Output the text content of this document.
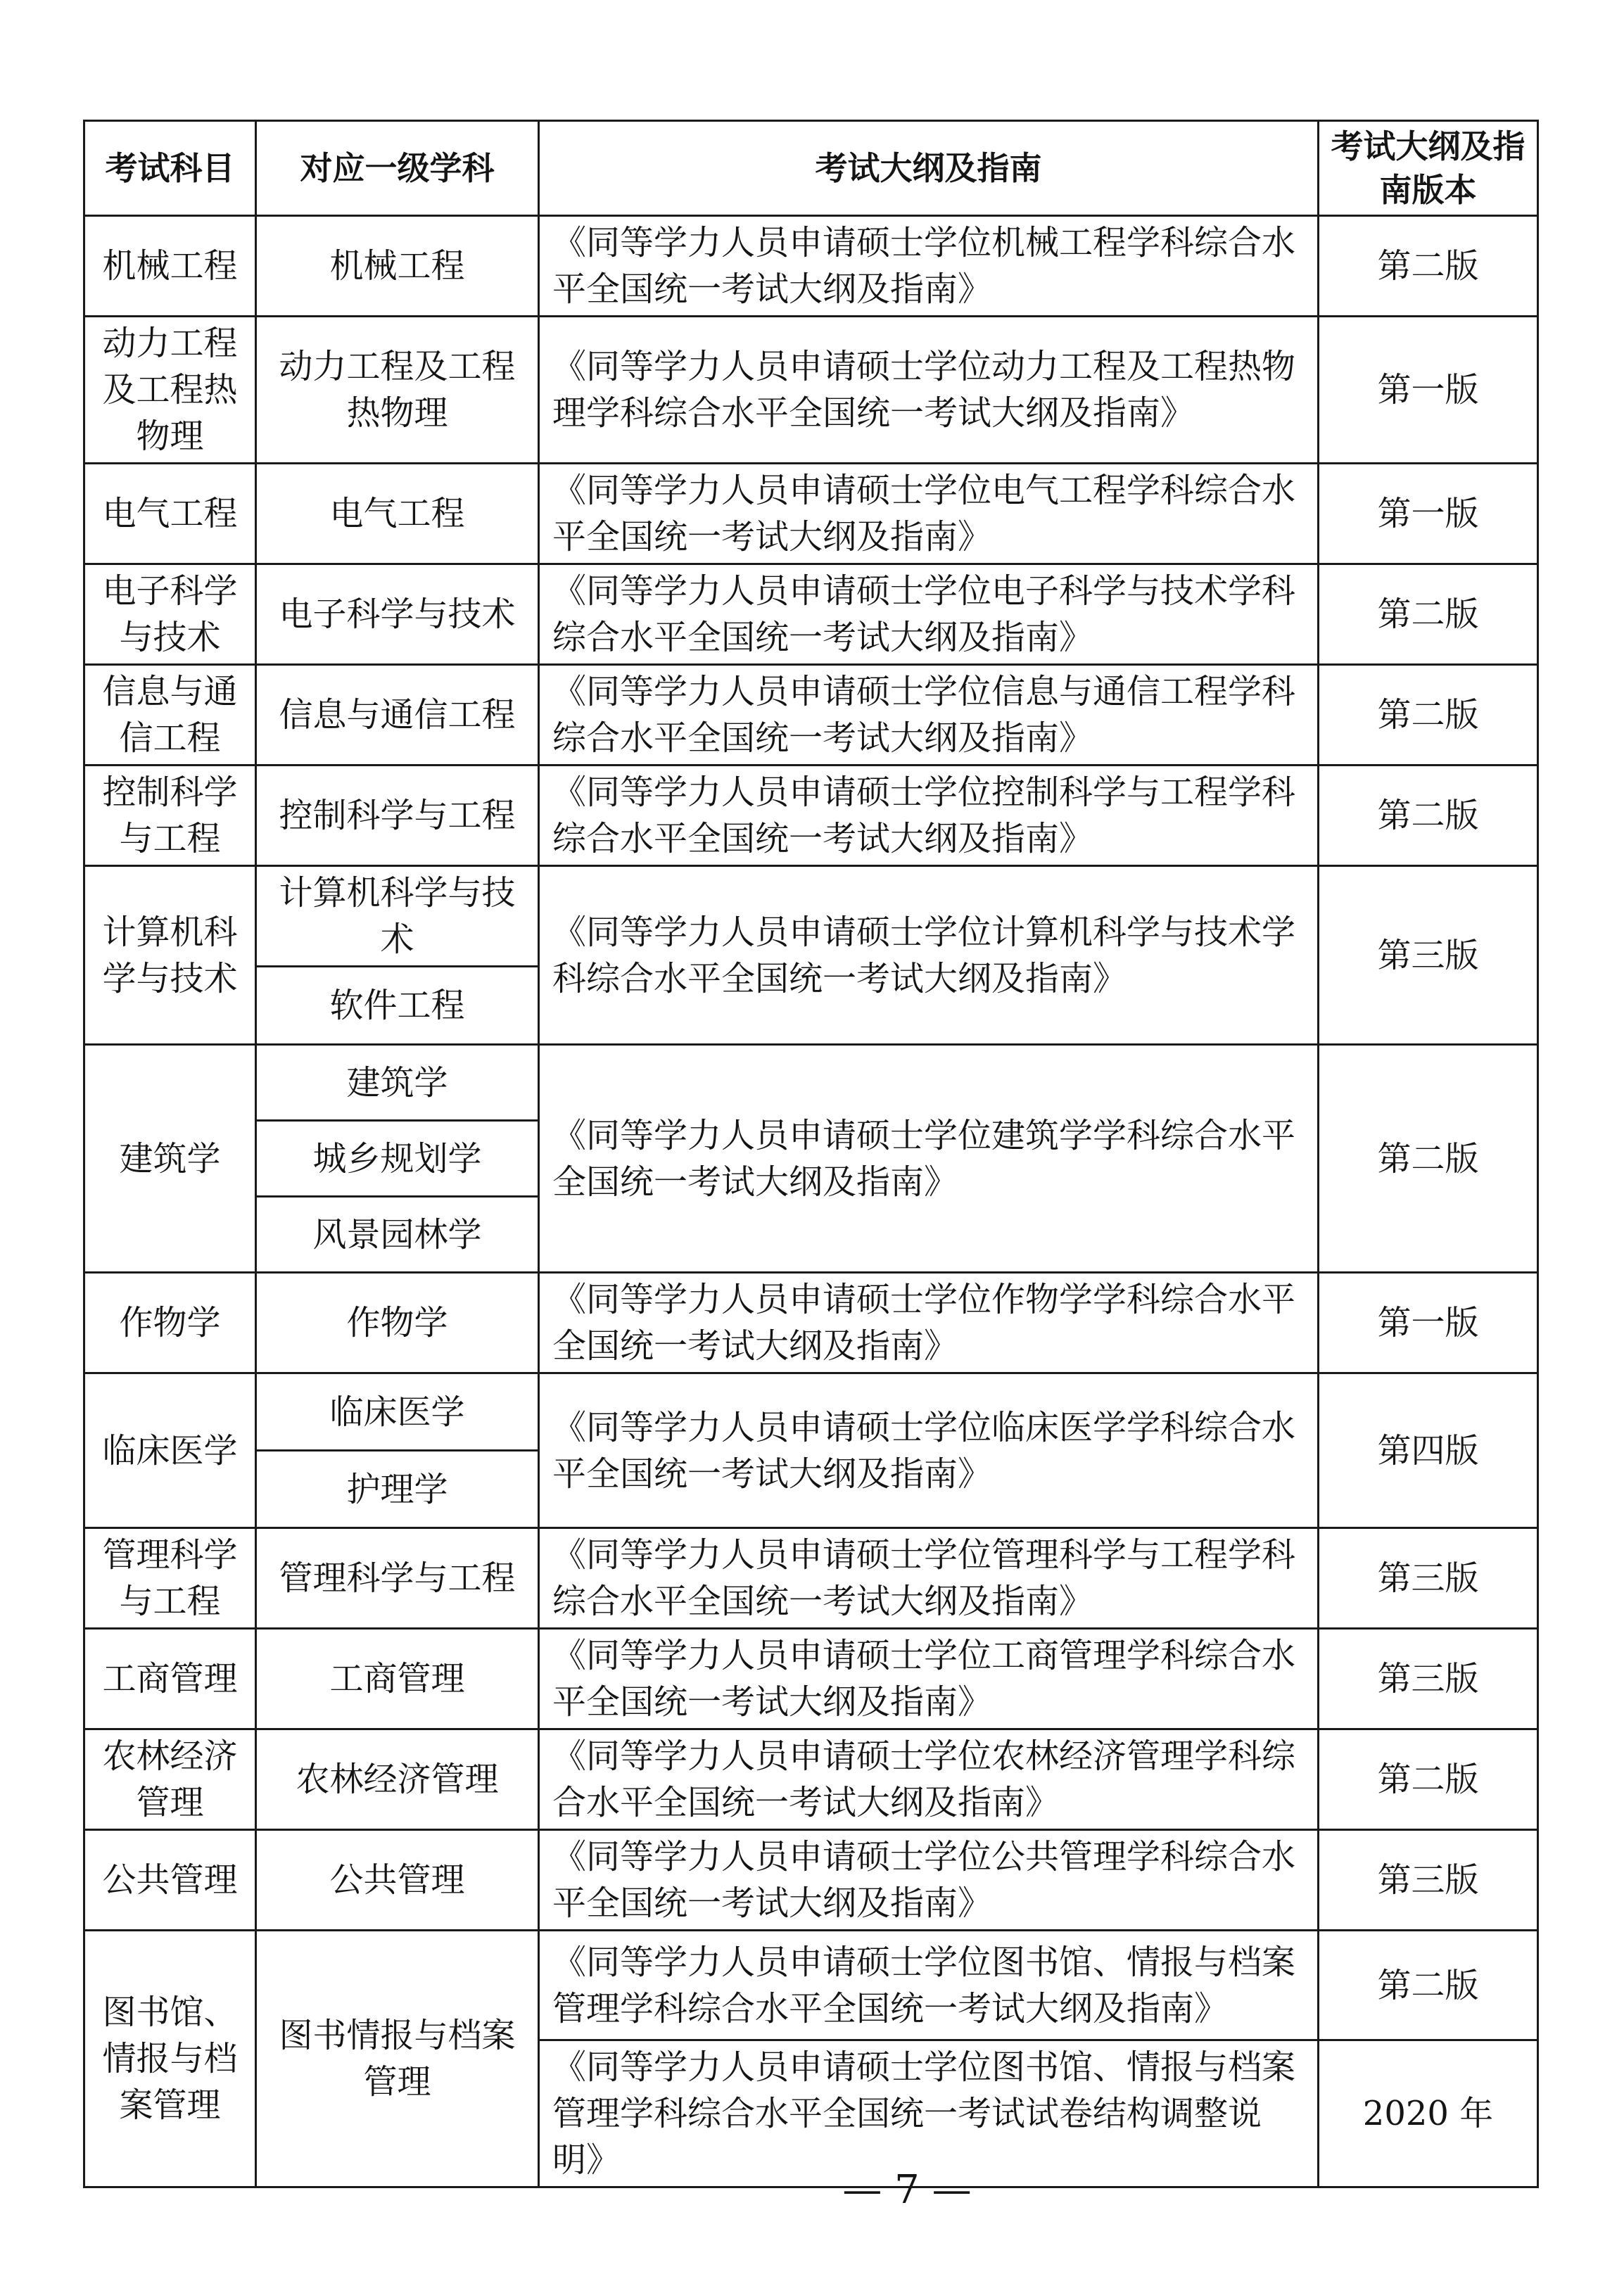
考试科目	对应一级学科	考试大纲及指南	考试大纲及指南版本
机械工程	机械工程	《同等学力人员申请硕士学位机械工程学科综合水平全国统一考试大纲及指南》	第二版
动力工程及工程热物理	动力工程及工程热物理	《同等学力人员申请硕士学位动力工程及工程热物理学科综合水平全国统一考试大纲及指南》	第一版
电气工程	电气工程	《同等学力人员申请硕士学位电气工程学科综合水平全国统一考试大纲及指南》	第一版
电子科学与技术	电子科学与技术	《同等学力人员申请硕士学位电子科学与技术学科综合水平全国统一考试大纲及指南》	第二版
信息与通信工程	信息与通信工程	《同等学力人员申请硕士学位信息与通信工程学科综合水平全国统一考试大纲及指南》	第二版
控制科学与工程	控制科学与工程	《同等学力人员申请硕士学位控制科学与工程学科综合水平全国统一考试大纲及指南》	第二版
计算机科学与技术	计算机科学与技术	《同等学力人员申请硕士学位计算机科学与技术学科综合水平全国统一考试大纲及指南》	第三版
	软件工程		
建筑学	建筑学	《同等学力人员申请硕士学位建筑学学科综合水平全国统一考试大纲及指南》	第二版
	城乡规划学		
	风景园林学		
作物学	作物学	《同等学力人员申请硕士学位作物学学科综合水平全国统一考试大纲及指南》	第一版
临床医学	临床医学	《同等学力人员申请硕士学位临床医学学科综合水平全国统一考试大纲及指南》	第四版
	护理学		
管理科学与工程	管理科学与工程	《同等学力人员申请硕士学位管理科学与工程学科综合水平全国统一考试大纲及指南》	第三版
工商管理	工商管理	《同等学力人员申请硕士学位工商管理学科综合水平全国统一考试大纲及指南》	第三版
农林经济管理	农林经济管理	《同等学力人员申请硕士学位农林经济管理学科综合水平全国统一考试大纲及指南》	第二版
公共管理	公共管理	《同等学力人员申请硕士学位公共管理学科综合水平全国统一考试大纲及指南》	第三版
图书馆、情报与档案管理	图书情报与档案管理	《同等学力人员申请硕士学位图书馆、情报与档案管理学科综合水平全国统一考试大纲及指南》	第二版
		《同等学力人员申请硕士学位图书馆、情报与档案管理学科综合水平全国统一考试试卷结构调整说明》	2020 年
— 7 —
